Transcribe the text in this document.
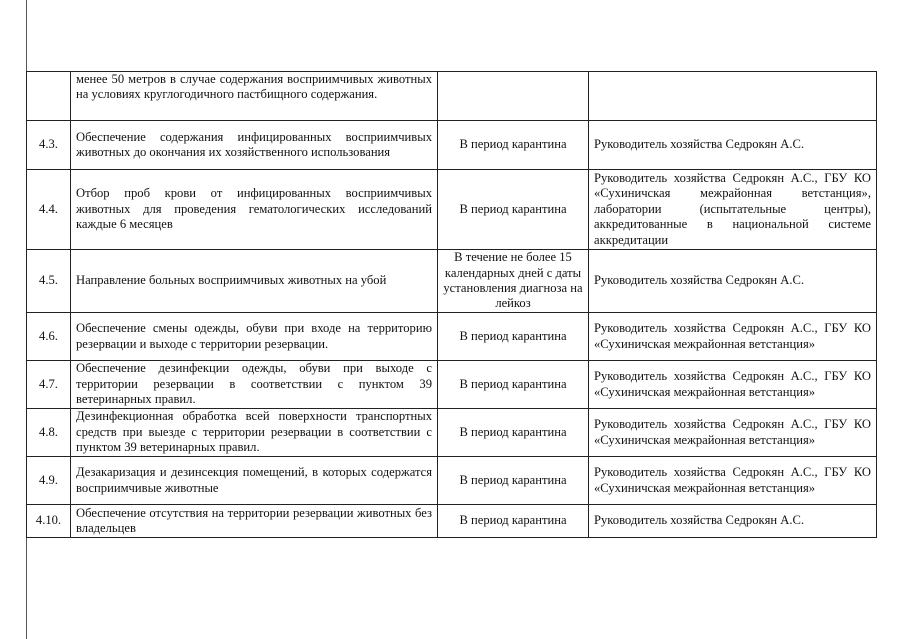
	менее 50 метров в случае содержания восприимчивых животных на условиях круглогодичного пастбищного содержания.		
4.3.	Обеспечение содержания инфицированных восприимчивых животных до окончания их хозяйственного использования	В период карантина	Руководитель хозяйства Седрокян А.С.
4.4.	Отбор проб крови от инфицированных восприимчивых животных для проведения гематологических исследований каждые 6 месяцев	В период карантина	Руководитель хозяйства Седрокян А.С., ГБУ КО «Сухиничская межрайонная ветстанция», лаборатории (испытательные центры), аккредитованные в национальной системе аккредитации
4.5.	Направление больных восприимчивых животных на убой	В течение не более 15 календарных дней с даты установления диагноза на лейкоз	Руководитель хозяйства Седрокян А.С.
4.6.	Обеспечение смены одежды, обуви при входе на территорию резервации и выходе с территории резервации.	В период карантина	Руководитель хозяйства Седрокян А.С., ГБУ КО «Сухиничская межрайонная ветстанция»
4.7.	Обеспечение дезинфекции одежды, обуви при выходе с территории резервации в соответствии с пунктом 39 ветеринарных правил.	В период карантина	Руководитель хозяйства Седрокян А.С., ГБУ КО «Сухиничская межрайонная ветстанция»
4.8.	Дезинфекционная обработка всей поверхности транспортных средств при выезде с территории резервации в соответствии с пунктом 39 ветеринарных правил.	В период карантина	Руководитель хозяйства Седрокян А.С., ГБУ КО «Сухиничская межрайонная ветстанция»
4.9.	Дезакаризация и дезинсекция помещений, в которых содержатся восприимчивые животные	В период карантина	Руководитель хозяйства Седрокян А.С., ГБУ КО «Сухиничская межрайонная ветстанция»
4.10.	Обеспечение отсутствия на территории резервации животных без владельцев	В период карантина	Руководитель хозяйства Седрокян А.С.
